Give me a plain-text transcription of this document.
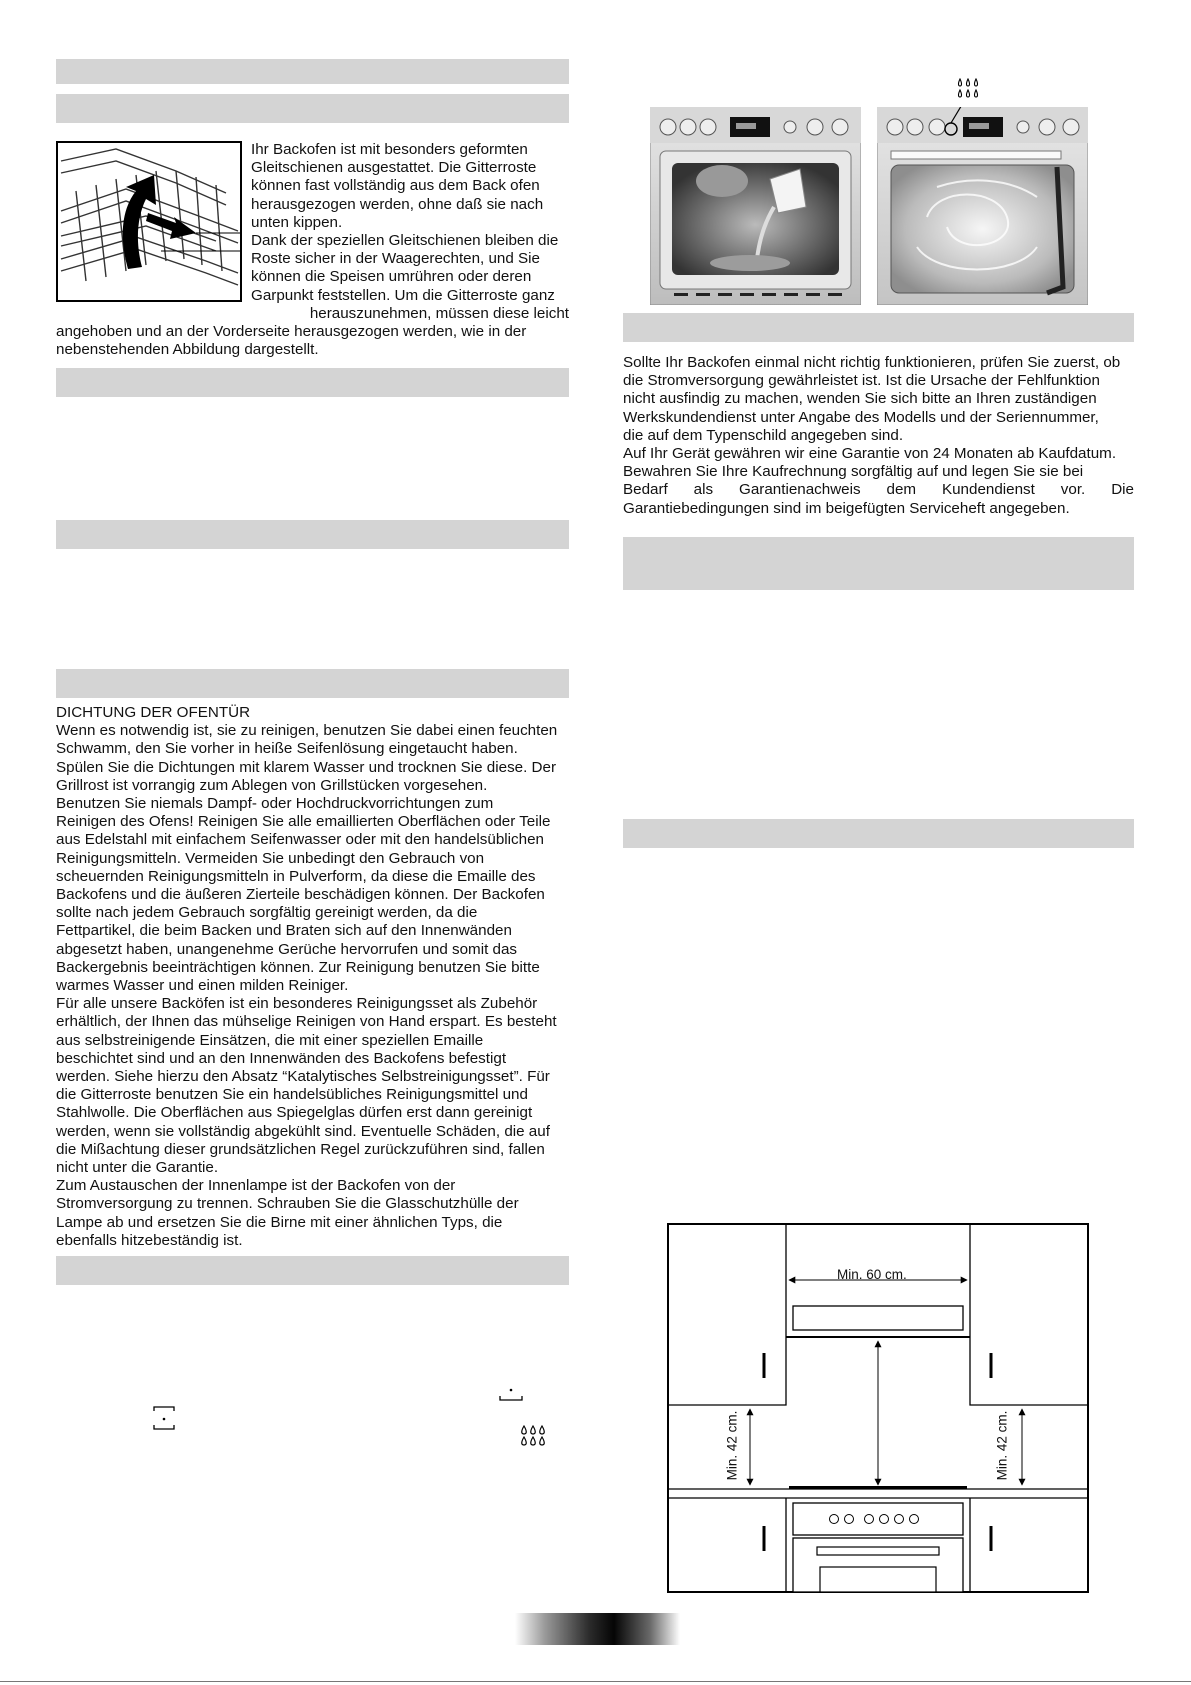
Ihr Backofen ist mit besonders geformten

Gleitschienen ausgestattet. Die Gitterroste

können fast vollständig aus dem Back ofen

herausgezogen werden, ohne daß sie nach

unten kippen.

Dank der speziellen Gleitschienen bleiben die

Roste sicher in der Waagerechten, und Sie

können die Speisen umrühren oder deren

Garpunkt feststellen. Um die Gitterroste ganz

herauszunehmen, müssen diese leicht

angehoben und an der Vorderseite herausgezogen werden, wie in der

nebenstehenden Abbildung dargestellt.

DICHTUNG DER OFENTÜR

Wenn es notwendig ist, sie zu reinigen, benutzen Sie dabei einen feuchten

Schwamm, den Sie vorher in heiße Seifenlösung eingetaucht haben.

Spülen Sie die Dichtungen mit klarem Wasser und trocknen Sie diese. Der

Grillrost ist vorrangig zum Ablegen von Grillstücken vorgesehen.

Benutzen Sie niemals Dampf- oder Hochdruckvorrichtungen zum

Reinigen des Ofens! Reinigen Sie alle emaillierten Oberflächen oder Teile

aus Edelstahl mit einfachem Seifenwasser oder mit den handelsüblichen

Reinigungsmitteln. Vermeiden Sie unbedingt den Gebrauch von

scheuernden Reinigungsmitteln in Pulverform, da diese die Emaille des

Backofens und die äußeren Zierteile beschädigen können. Der Backofen

sollte nach jedem Gebrauch sorgfältig gereinigt werden, da die

Fettpartikel, die beim Backen und Braten sich auf den Innenwänden

abgesetzt haben, unangenehme Gerüche hervorrufen und somit das

Backergebnis beeinträchtigen können. Zur Reinigung benutzen Sie bitte

warmes Wasser und einen milden Reiniger.

Für alle unsere Backöfen ist ein besonderes Reinigungsset als Zubehör

erhältlich, der Ihnen das mühselige Reinigen von Hand erspart. Es besteht

aus selbstreinigende Einsätzen, die mit einer speziellen Emaille

beschichtet sind und an den Innenwänden des Backofens befestigt

werden. Siehe hierzu den Absatz “Katalytisches Selbstreinigungsset”. Für

die Gitterroste benutzen Sie ein handelsübliches Reinigungsmittel und

Stahlwolle. Die Oberflächen aus Spiegelglas dürfen erst dann gereinigt

werden, wenn sie vollständig abgekühlt sind. Eventuelle Schäden, die auf

die Mißachtung dieser grundsätzlichen Regel zurückzuführen sind, fallen

nicht unter die Garantie.

Zum Austauschen der Innenlampe ist der Backofen von der

Stromversorgung zu trennen. Schrauben Sie die Glasschutzhülle der

Lampe ab und ersetzen Sie die Birne mit einer ähnlichen Typs, die

ebenfalls hitzebeständig ist.

Sollte Ihr Backofen einmal nicht richtig funktionieren, prüfen Sie zuerst, ob

die Stromversorgung gewährleistet ist. Ist die Ursache der Fehlfunktion

nicht ausfindig zu machen, wenden Sie sich bitte an Ihren zuständigen

Werkskundendienst unter Angabe des Modells und der Seriennummer,

die auf dem Typenschild angegeben sind.

Auf Ihr Gerät gewähren wir eine Garantie von 24 Monaten ab Kaufdatum.

Bewahren Sie Ihre Kaufrechnung sorgfältig auf und legen Sie sie bei

Bedarf als Garantienachweis dem Kundendienst vor. Die

Garantiebedingungen sind im beigefügten Serviceheft angegeben.

Min. 60 cm.
Min. 42 cm.	Min. 42 cm.
